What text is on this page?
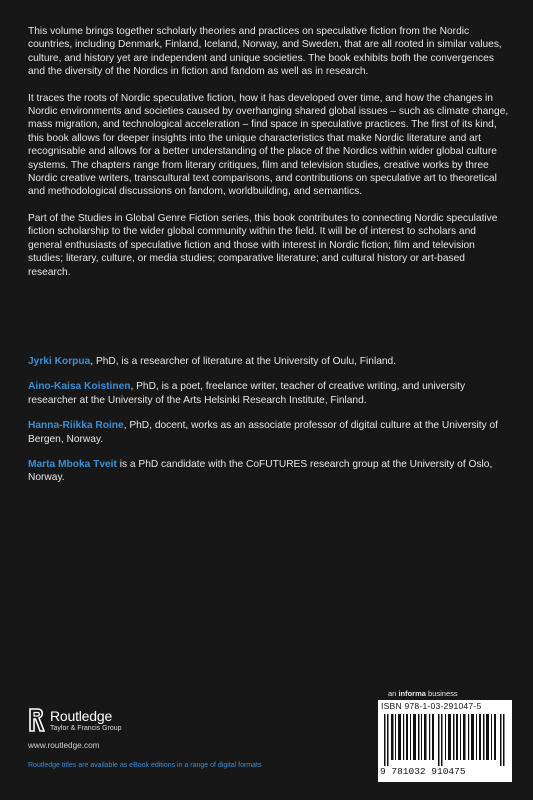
This volume brings together scholarly theories and practices on speculative fiction from the Nordic countries, including Denmark, Finland, Iceland, Norway, and Sweden, that are all rooted in similar values, culture, and history yet are independent and unique societies. The book exhibits both the convergences and the diversity of the Nordics in fiction and fandom as well as in research.

It traces the roots of Nordic speculative fiction, how it has developed over time, and how the changes in Nordic environments and societies caused by overhanging shared global issues – such as climate change, mass migration, and technological acceleration – find space in speculative practices. The first of its kind, this book allows for deeper insights into the unique characteristics that make Nordic literature and art recognisable and allows for a better understanding of the place of the Nordics within wider global culture systems. The chapters range from literary critiques, film and television studies, creative works by three Nordic creative writers, transcultural text comparisons, and contributions on speculative art to theoretical and methodological discussions on fandom, worldbuilding, and semantics.

Part of the Studies in Global Genre Fiction series, this book contributes to connecting Nordic speculative fiction scholarship to the wider global community within the field. It will be of interest to scholars and general enthusiasts of speculative fiction and those with interest in Nordic fiction; film and television studies; literary, culture, or media studies; comparative literature; and cultural history or art-based research.

Jyrki Korpua, PhD, is a researcher of literature at the University of Oulu, Finland.

Aino-Kaisa Koistinen, PhD, is a poet, freelance writer, teacher of creative writing, and university researcher at the University of the Arts Helsinki Research Institute, Finland.

Hanna-Riikka Roine, PhD, docent, works as an associate professor of digital culture at the University of Bergen, Norway.

Marta Mboka Tveit is a PhD candidate with the CoFUTURES research group at the University of Oslo, Norway.

an informa business
ISBN 978-1-03-291047-5
9 781032 910475
Routledge
Taylor & Francis Group
www.routledge.com
Routledge titles are available as eBook editions in a range of digital formats
